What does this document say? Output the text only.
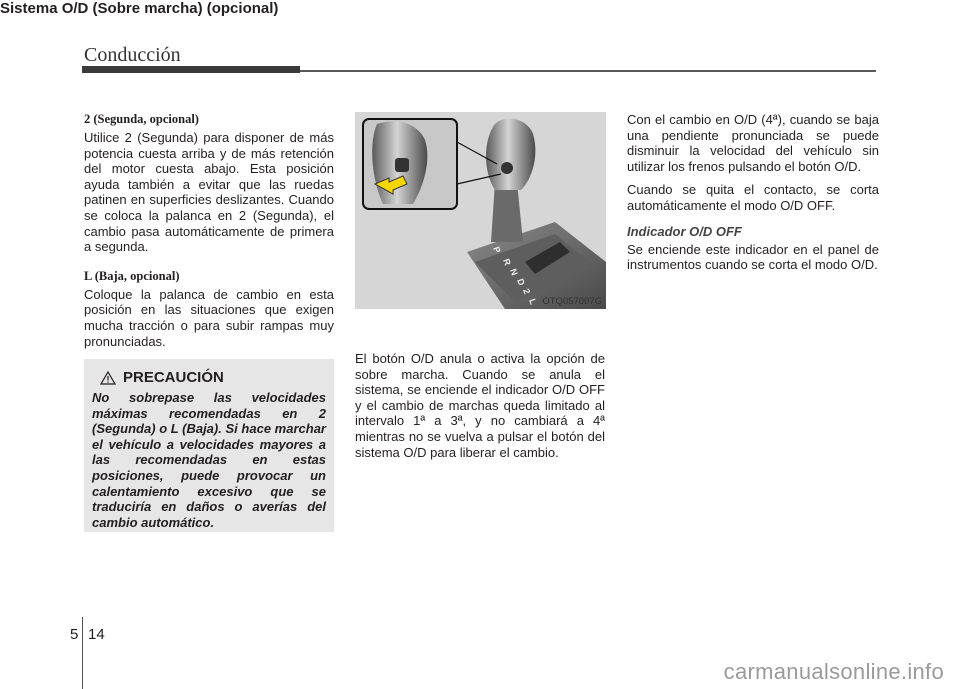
Conducción
2 (Segunda, opcional)

Utilice 2 (Segunda) para disponer de más potencia cuesta arriba y de más retención del motor cuesta abajo. Esta posición ayuda también a evitar que las ruedas patinen en superficies deslizantes. Cuando se coloca la palanca en 2 (Segunda), el cambio pasa automáticamente de primera a segunda.

L (Baja, opcional)

Coloque la palanca de cambio en esta posición en las situaciones que exigen mucha tracción o para subir rampas muy pronunciadas.

PRECAUCIÓN

No sobrepase las velocidades máximas recomendadas en 2 (Segunda) o L (Baja). Si hace marchar el vehículo a velocidades mayores a las recomendadas en estas posiciones, puede provocar un calentamiento excesivo que se traduciría en daños o averías del cambio automático.

P
R
N
D
2
L OTQ057007G
Sistema O/D (Sobre marcha) (opcional)

El botón O/D anula o activa la opción de sobre marcha. Cuando se anula el sistema, se enciende el indicador O/D OFF y el cambio de marchas queda limitado al intervalo 1ª a 3ª, y no cambiará a 4ª mientras no se vuelva a pulsar el botón del sistema O/D para liberar el cambio.

Con el cambio en O/D (4ª), cuando se baja una pendiente pronunciada se puede disminuir la velocidad del vehículo sin utilizar los frenos pulsando el botón O/D.

Cuando se quita el contacto, se corta automáticamente el modo O/D OFF.

Indicador O/D OFF

Se enciende este indicador en el panel de instrumentos cuando se corta el modo O/D.

5 14
carmanualsonline.info
